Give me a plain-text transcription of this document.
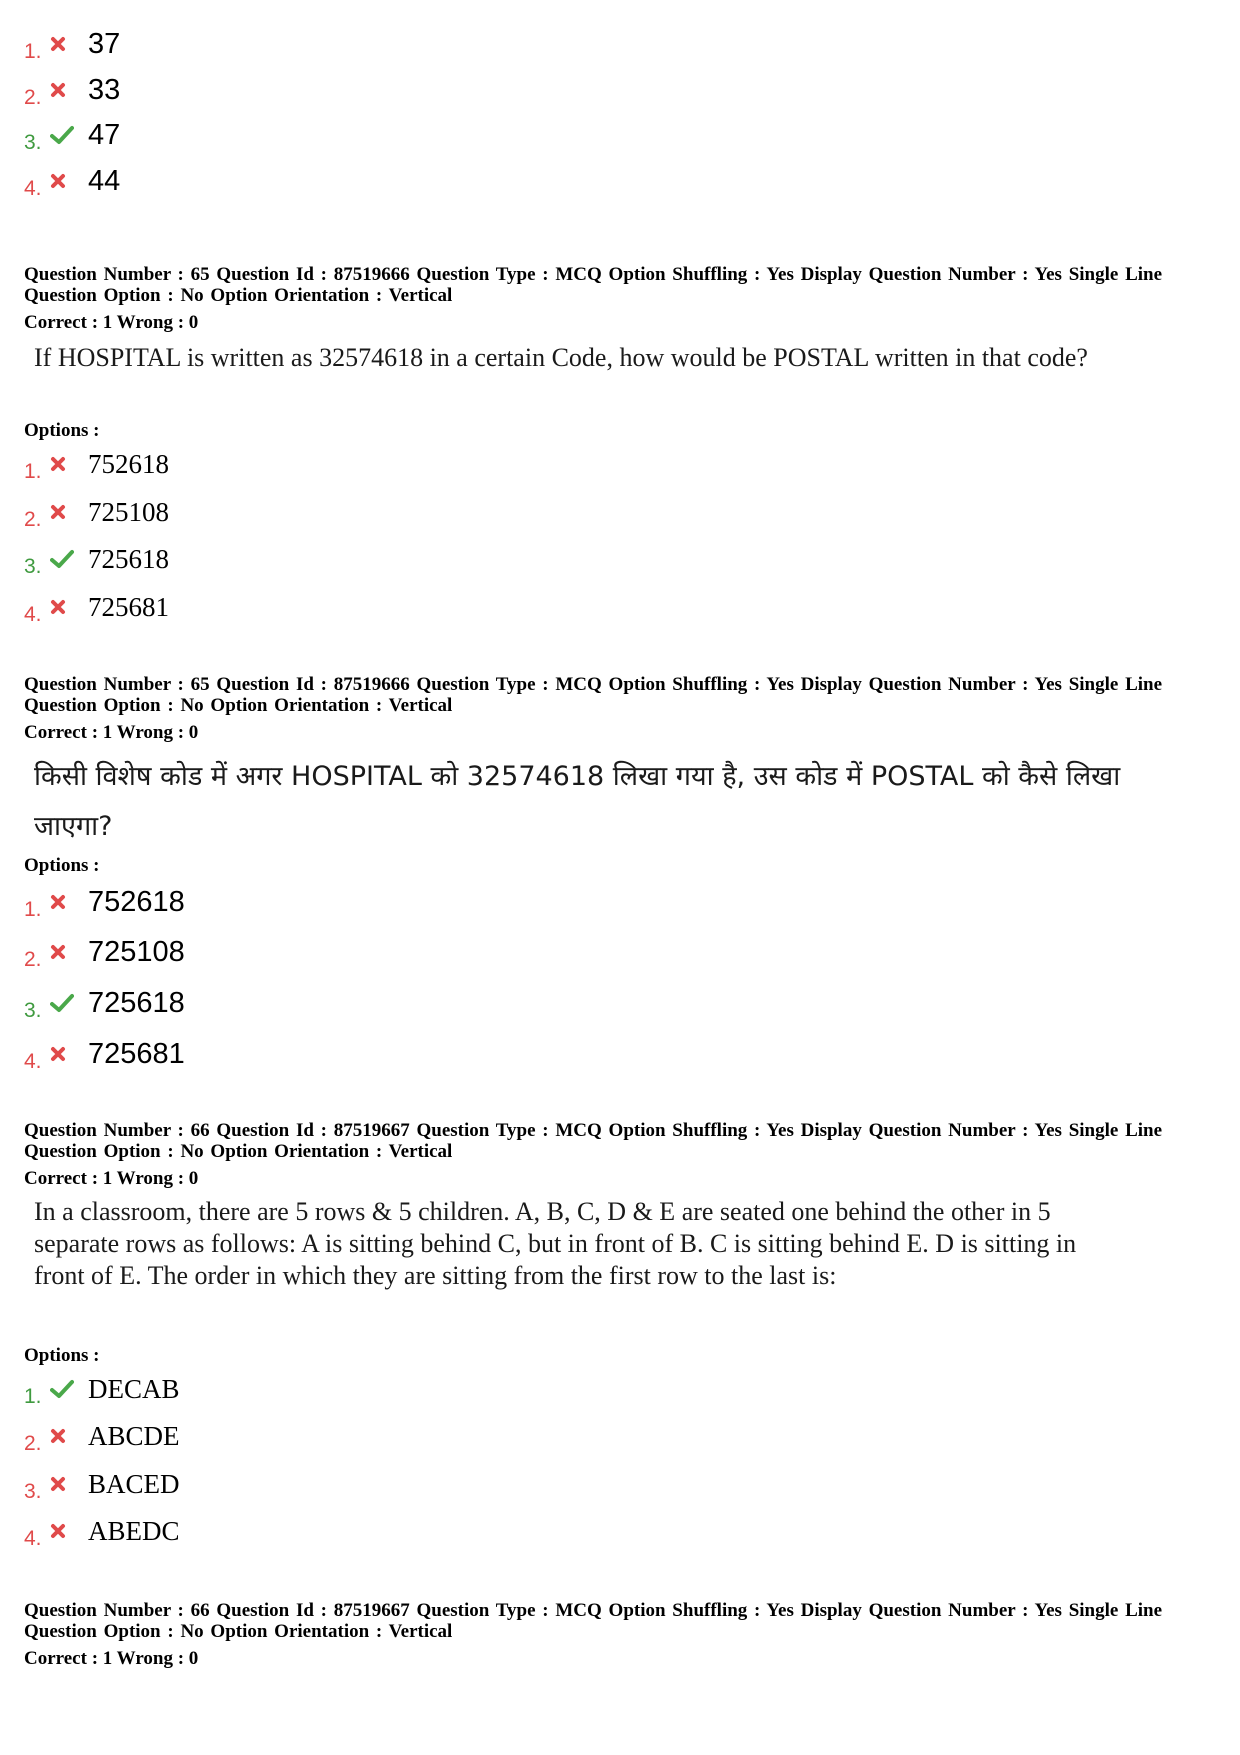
1. 37
2. 33
3. 47
4. 44
Question Number : 65 Question Id : 87519666 Question Type : MCQ Option Shuffling : Yes Display Question Number : Yes Single Line Question Option : No Option Orientation : Vertical
Correct : 1 Wrong : 0
If HOSPITAL is written as 32574618 in a certain Code, how would be POSTAL written in that code?
Options :
1.	752618
2.	725108
3.	725618
4.	725681
Question Number : 65 Question Id : 87519666 Question Type : MCQ Option Shuffling : Yes Display Question Number : Yes Single Line Question Option : No Option Orientation : Vertical
Correct : 1 Wrong : 0
किसी विशेष कोड में अगर HOSPITAL को 32574618 लिखा गया है, उस कोड में POSTAL को कैसे लिखा जाएगा?
Options :
1. 752618
2. 725108
3. 725618
4. 725681
Question Number : 66 Question Id : 87519667 Question Type : MCQ Option Shuffling : Yes Display Question Number : Yes Single Line Question Option : No Option Orientation : Vertical
Correct : 1 Wrong : 0
In a classroom, there are 5 rows & 5 children. A, B, C, D & E are seated one behind the other in 5 separate rows as follows: A is sitting behind C, but in front of B. C is sitting behind E. D is sitting in front of E. The order in which they are sitting from the first row to the last is:
Options :
1.	DECAB
2.	ABCDE
3.	BACED
4.	ABEDC
Question Number : 66 Question Id : 87519667 Question Type : MCQ Option Shuffling : Yes Display Question Number : Yes Single Line Question Option : No Option Orientation : Vertical
Correct : 1 Wrong : 0
